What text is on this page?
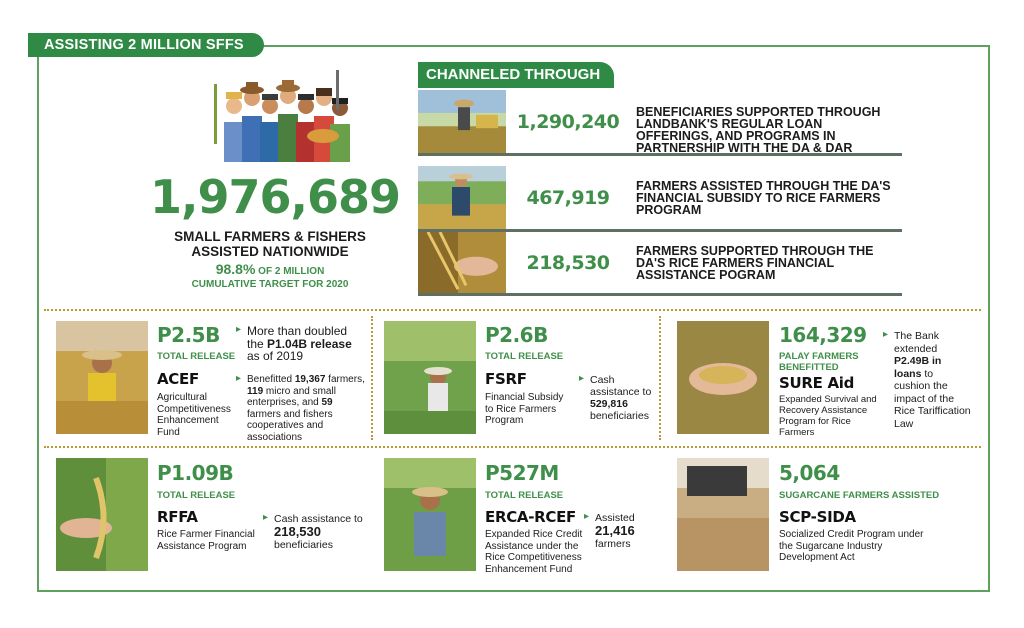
ASSISTING 2 MILLION SFFS
1,976,689
SMALL FARMERS & FISHERS
ASSISTED NATIONWIDE
98.8% OF 2 MILLION
CUMULATIVE TARGET FOR 2020
CHANNELED THROUGH
1,290,240	BENEFICIARIES SUPPORTED THROUGH LANDBANK'S REGULAR LOAN OFFERINGS, AND PROGRAMS IN PARTNERSHIP WITH THE DA & DAR
467,919
FARMERS ASSISTED THROUGH THE DA'S FINANCIAL SUBSIDY TO RICE FARMERS PROGRAM
218,530
FARMERS SUPPORTED THROUGH THE DA'S RICE FARMERS FINANCIAL ASSISTANCE POGRAM
P2.5B
TOTAL RELEASE
ACEF
Agricultural Competitiveness Enhancement Fund
▸ More than doubled the P1.04B release as of 2019
▸ Benefitted 19,367 farmers, 119 micro and small enterprises, and 59 farmers and fishers cooperatives and associations
P2.6B
TOTAL RELEASE
FSRF
Financial Subsidy to Rice Farmers Program
▸ Cash assistance to 529,816 beneficiaries
164,329
PALAY FARMERS
BENEFITTED
SURE Aid
Expanded Survival and Recovery Assistance Program for Rice Farmers
▸ The Bank extended P2.49B in loans to cushion the impact of the Rice Tariffication Law
P1.09B
TOTAL RELEASE
RFFA
Rice Farmer Financial Assistance Program
▸ Cash assistance to
218,530
beneficiaries
P527M
TOTAL RELEASE
ERCA-RCEF
Expanded Rice Credit Assistance under the Rice Competitiveness Enhancement Fund
▸ Assisted
21,416
farmers
5,064
SUGARCANE FARMERS ASSISTED
SCP-SIDA
Socialized Credit Program under the Sugarcane Industry Development Act
